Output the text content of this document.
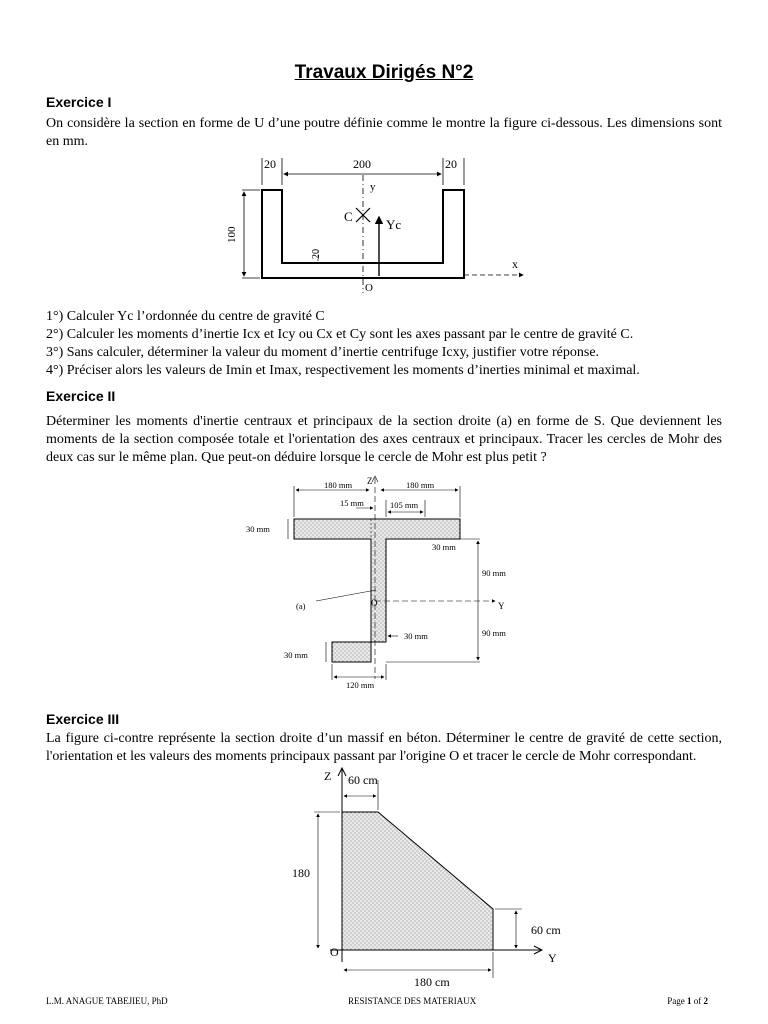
Travaux Dirigés N°2
Exercice I
On considère la section en forme de U d’une poutre définie comme le montre la figure ci-dessous. Les dimensions sont en mm.
20	200	20
100
20
y
x
O
C
Yc
1°) Calculer Yc l’ordonnée du centre de gravité C
2°) Calculer les moments d’inertie Icx et Icy ou Cx et Cy sont les axes passant par le centre de gravité C.
3°) Sans calculer, déterminer la valeur du moment d’inertie centrifuge Icxy, justifier votre réponse.
4°) Préciser alors les valeurs de Imin et Imax, respectivement les moments d’inerties minimal et maximal.
Exercice II
Déterminer les moments d'inertie centraux et principaux de la section droite (a) en forme de S. Que deviennent les moments de la section composée totale et l'orientation des axes centraux et principaux. Tracer les cercles de Mohr des deux cas sur le même plan. Que peut-on déduire lorsque le cercle de Mohr est plus petit ?
180 mm	180 mm
Z
15 mm	105 mm
30 mm
30 mm
90 mm
90 mm
Y
O
(a)
30 mm
30 mm
120 mm
Exercice III
La figure ci-contre représente la section droite d’un massif en béton. Déterminer le centre de gravité de cette section, l'orientation et les valeurs des moments principaux passant par l'origine O et tracer le cercle de Mohr correspondant.
Z
Y
O
60 cm
180
60 cm
180 cm
L.M. ANAGUE TABEJIEU, PhD	RESISTANCE DES MATERIAUX	Page 1 of 2
